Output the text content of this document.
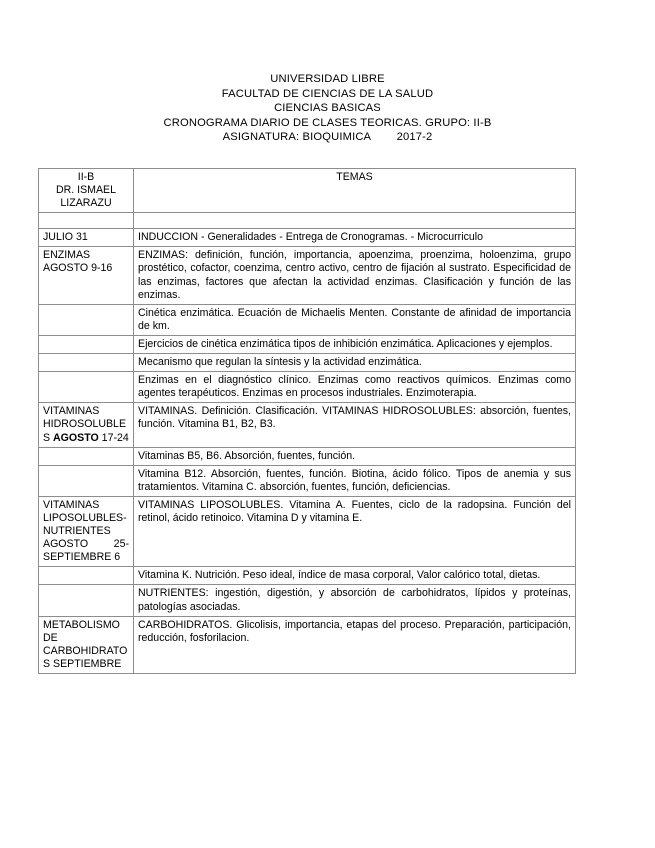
UNIVERSIDAD LIBRE
FACULTAD DE CIENCIAS DE LA SALUD
CIENCIAS BASICAS
CRONOGRAMA DIARIO DE CLASES TEORICAS. GRUPO: II-B
ASIGNATURA: BIOQUIMICA        2017-2
II-B
DR. ISMAEL
LIZARAZU	TEMAS

JULIO 31	INDUCCION - Generalidades - Entrega de Cronogramas. - Microcurriculo
ENZIMAS AGOSTO 9-16	ENZIMAS: definición, función, importancia, apoenzima, proenzima, holoenzima, grupo prostético, cofactor, coenzima, centro activo, centro de fijación al sustrato. Especificidad de las enzimas, factores que afectan la actividad enzimas. Clasificación y función de las enzimas.
	Cinética enzimática. Ecuación de Michaelis Menten. Constante de afinidad de importancia de km.
	Ejercicios de cinética enzimática tipos de inhibición enzimática. Aplicaciones y ejemplos.
	Mecanismo que regulan la síntesis y la actividad enzimática.
	Enzimas en el diagnóstico clínico. Enzimas como reactivos químicos. Enzimas como agentes terapéuticos. Enzimas en procesos industriales. Enzimoterapia.
VITAMINAS HIDROSOLUBLES AGOSTO 17-24	VITAMINAS. Definición. Clasificación. VITAMINAS HIDROSOLUBLES: absorción, fuentes, función. Vitamina B1, B2, B3.
	Vitaminas B5, B6. Absorción, fuentes, función.
	Vitamina B12. Absorción, fuentes, función. Biotina, ácido fólico. Tipos de anemia y sus tratamientos. Vitamina C. absorción, fuentes, función, deficiencias.
VITAMINAS LIPOSOLUBLES- NUTRIENTES AGOSTO 25-SEPTIEMBRE 6	VITAMINAS LIPOSOLUBLES. Vitamina A. Fuentes, ciclo de la radopsina. Función del retinol, ácido retinoico. Vitamina D y vitamina E.
	Vitamina K. Nutrición. Peso ideal, índice de masa corporal, Valor calórico total, dietas.
	NUTRIENTES: ingestión, digestión, y absorción de carbohidratos, lípidos y proteínas, patologías asociadas.
METABOLISMO DE CARBOHIDRATOS SEPTIEMBRE	CARBOHIDRATOS. Glicolisis, importancia, etapas del proceso. Preparación, participación, reducción, fosforilacion.
